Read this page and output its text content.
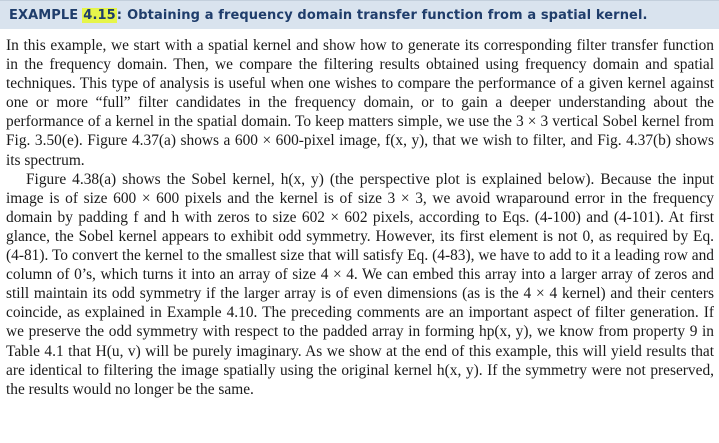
EXAMPLE 4.15 : Obtaining a frequency domain transfer function from a spatial kernel.

In this example, we start with a spatial kernel and show how to generate its corresponding filter transfer function in the frequency domain. Then, we compare the filtering results obtained using frequency domain and spatial techniques. This type of analysis is useful when one wishes to compare the performance of a given kernel against one or more “full” filter candidates in the frequency domain, or to gain a deeper understanding about the performance of a kernel in the spatial domain. To keep matters simple, we use the 3 × 3 vertical Sobel kernel from Fig. 3.50(e). Figure 4.37(a) shows a 600 × 600-pixel image, f(x, y), that we wish to filter, and Fig. 4.37(b) shows its spectrum.

Figure 4.38(a) shows the Sobel kernel, h(x, y) (the perspective plot is explained below). Because the input image is of size 600 × 600 pixels and the kernel is of size 3 × 3, we avoid wraparound error in the frequency domain by padding f and h with zeros to size 602 × 602 pixels, according to Eqs. (4-100) and (4-101). At first glance, the Sobel kernel appears to exhibit odd symmetry. However, its first element is not 0, as required by Eq. (4-81). To convert the kernel to the smallest size that will satisfy Eq. (4-83), we have to add to it a leading row and column of 0’s, which turns it into an array of size 4 × 4. We can embed this array into a larger array of zeros and still maintain its odd symmetry if the larger array is of even dimensions (as is the 4 × 4 kernel) and their centers coincide, as explained in Example 4.10. The preceding comments are an important aspect of filter generation. If we preserve the odd symmetry with respect to the padded array in forming hp(x, y), we know from property 9 in Table 4.1 that H(u, v) will be purely imaginary. As we show at the end of this example, this will yield results that are identical to filtering the image spatially using the original kernel h(x, y). If the symmetry were not preserved, the results would no longer be the same.
